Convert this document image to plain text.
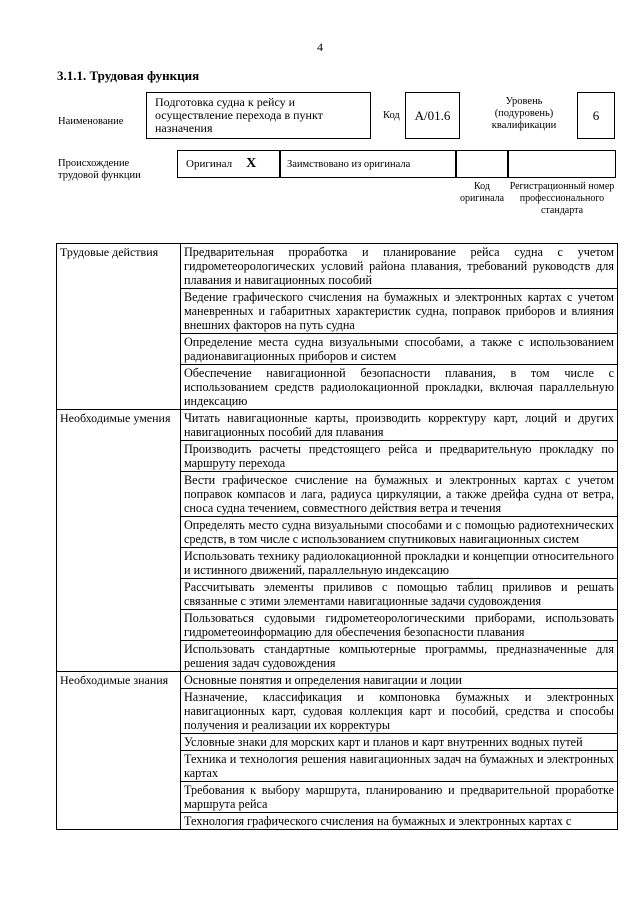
4
3.1.1. Трудовая функция
Наименование
Подготовка судна к рейсу и осуществление перехода в пункт назначения
Код	А/01.6
Уровень (подуровень) квалификации
6
Происхождение трудовой функции
Оригинал X	Заимствовано из оригинала
Код оригинала
Регистрационный номер профессионального стандарта
Трудовые действия	Предварительная проработка и планирование рейса судна с учетом гидрометеорологических условий района плавания, требований руководств для плавания и навигационных пособий
	Ведение графического счисления на бумажных и электронных картах с учетом маневренных и габаритных характеристик судна, поправок приборов и влияния внешних факторов на путь судна
	Определение места судна визуальными способами, а также с использованием радионавигационных приборов и систем
	Обеспечение навигационной безопасности плавания, в том числе с использованием средств радиолокационной прокладки, включая параллельную индексацию
Необходимые умения	Читать навигационные карты, производить корректуру карт, лоций и других навигационных пособий для плавания
	Производить расчеты предстоящего рейса и предварительную прокладку по маршруту перехода
	Вести графическое счисление на бумажных и электронных картах с учетом поправок компасов и лага, радиуса циркуляции, а также дрейфа судна от ветра, сноса судна течением, совместного действия ветра и течения
	Определять место судна визуальными способами и с помощью радиотехнических средств, в том числе с использованием спутниковых навигационных систем
	Использовать технику радиолокационной прокладки и концепции относительного и истинного движений, параллельную индексацию
	Рассчитывать элементы приливов с помощью таблиц приливов и решать связанные с этими элементами навигационные задачи судовождения
	Пользоваться судовыми гидрометеорологическими приборами, использовать гидрометеоинформацию для обеспечения безопасности плавания
	Использовать стандартные компьютерные программы, предназначенные для решения задач судовождения
Необходимые знания	Основные понятия и определения навигации и лоции
	Назначение, классификация и компоновка бумажных и электронных навигационных карт, судовая коллекция карт и пособий, средства и способы получения и реализации их корректуры
	Условные знаки для морских карт и планов и карт внутренних водных путей
	Техника и технология решения навигационных задач на бумажных и электронных картах
	Требования к выбору маршрута, планированию и предварительной проработке маршрута рейса
	Технология графического счисления на бумажных и электронных картах с
